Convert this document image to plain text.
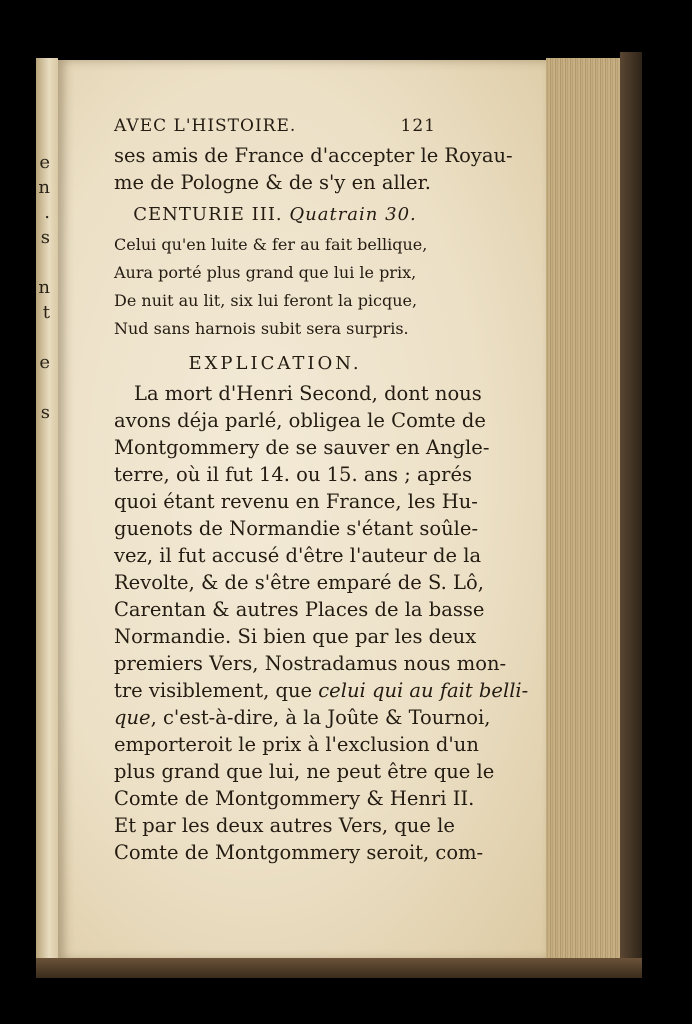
e
n
.
s

n
t

e

s
AVEC L'HISTOIRE.	121
ses amis de France d'accepter le Royau-
me de Pologne & de s'y en aller.
CENTURIE III. Quatrain 30.
Celui qu'en luite & fer au fait bellique,
Aura porté plus grand que lui le prix,
De nuit au lit, six lui feront la picque,
Nud sans harnois subit sera surpris.
EXPLICATION.
La mort d'Henri Second, dont nous
avons déja parlé, obligea le Comte de
Montgommery de se sauver en Angle-
terre, où il fut 14. ou 15. ans ; aprés
quoi étant revenu en France, les Hu-
guenots de Normandie s'étant soûle-
vez, il fut accusé d'être l'auteur de la
Revolte, & de s'être emparé de S. Lô,
Carentan & autres Places de la basse
Normandie. Si bien que par les deux
premiers Vers, Nostradamus nous mon-
tre visiblement, que celui qui au fait belli-
que, c'est-à-dire, à la Joûte & Tournoi,
emporteroit le prix à l'exclusion d'un
plus grand que lui, ne peut être que le
Comte de Montgommery & Henri II.
Et par les deux autres Vers, que le
Comte de Montgommery seroit, com-
